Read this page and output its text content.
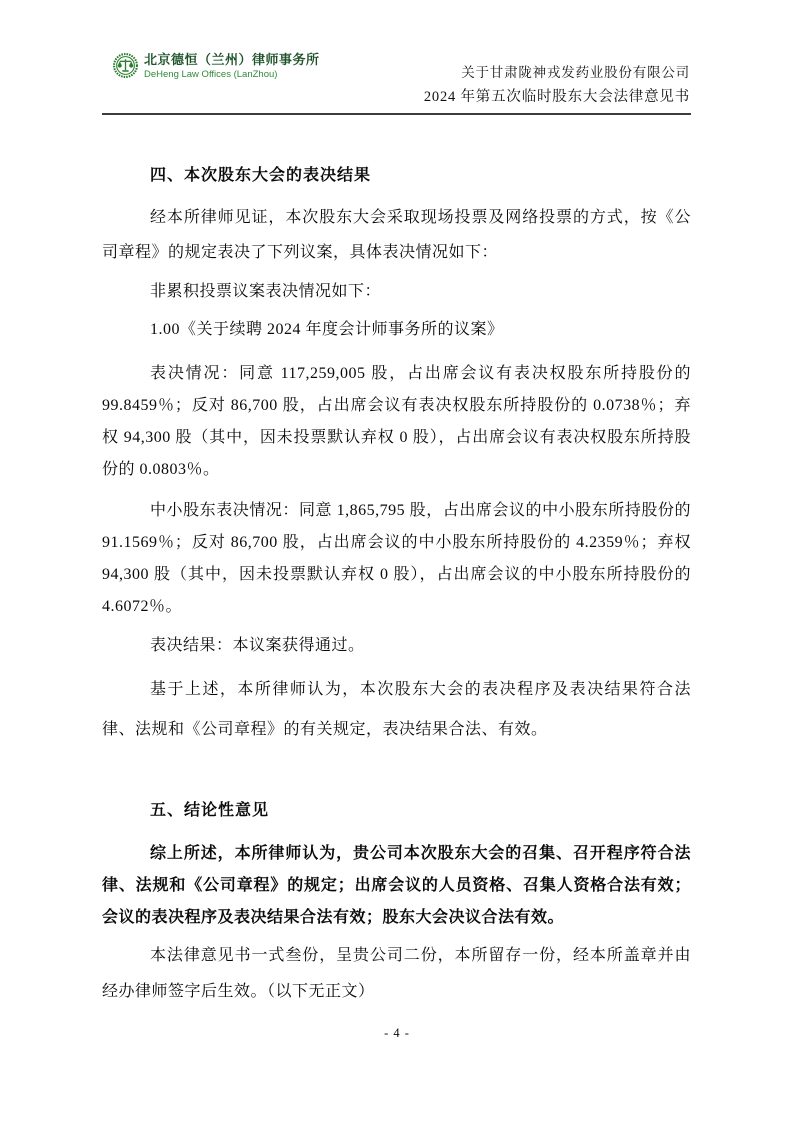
北京德恒（兰州）律师事务所
DeHeng Law Offices (LanZhou)	关于甘肃陇神戎发药业股份有限公司
2024 年第五次临时股东大会法律意见书
四、本次股东大会的表决结果
经本所律师见证，本次股东大会采取现场投票及网络投票的方式，按《公司章程》的规定表决了下列议案，具体表决情况如下：
非累积投票议案表决情况如下：
1.00《关于续聘 2024 年度会计师事务所的议案》
表决情况：同意 117,259,005 股，占出席会议有表决权股东所持股份的 99.8459％；反对 86,700 股，占出席会议有表决权股东所持股份的 0.0738％；弃权 94,300 股（其中，因未投票默认弃权 0 股），占出席会议有表决权股东所持股份的 0.0803％。
中小股东表决情况：同意 1,865,795 股，占出席会议的中小股东所持股份的 91.1569％；反对 86,700 股，占出席会议的中小股东所持股份的 4.2359％；弃权 94,300 股（其中，因未投票默认弃权 0 股），占出席会议的中小股东所持股份的 4.6072％。
表决结果：本议案获得通过。
基于上述，本所律师认为，本次股东大会的表决程序及表决结果符合法律、法规和《公司章程》的有关规定，表决结果合法、有效。
五、结论性意见
综上所述，本所律师认为，贵公司本次股东大会的召集、召开程序符合法律、法规和《公司章程》的规定；出席会议的人员资格、召集人资格合法有效；会议的表决程序及表决结果合法有效；股东大会决议合法有效。
本法律意见书一式叁份，呈贵公司二份，本所留存一份，经本所盖章并由经办律师签字后生效。（以下无正文）
- 4 -
